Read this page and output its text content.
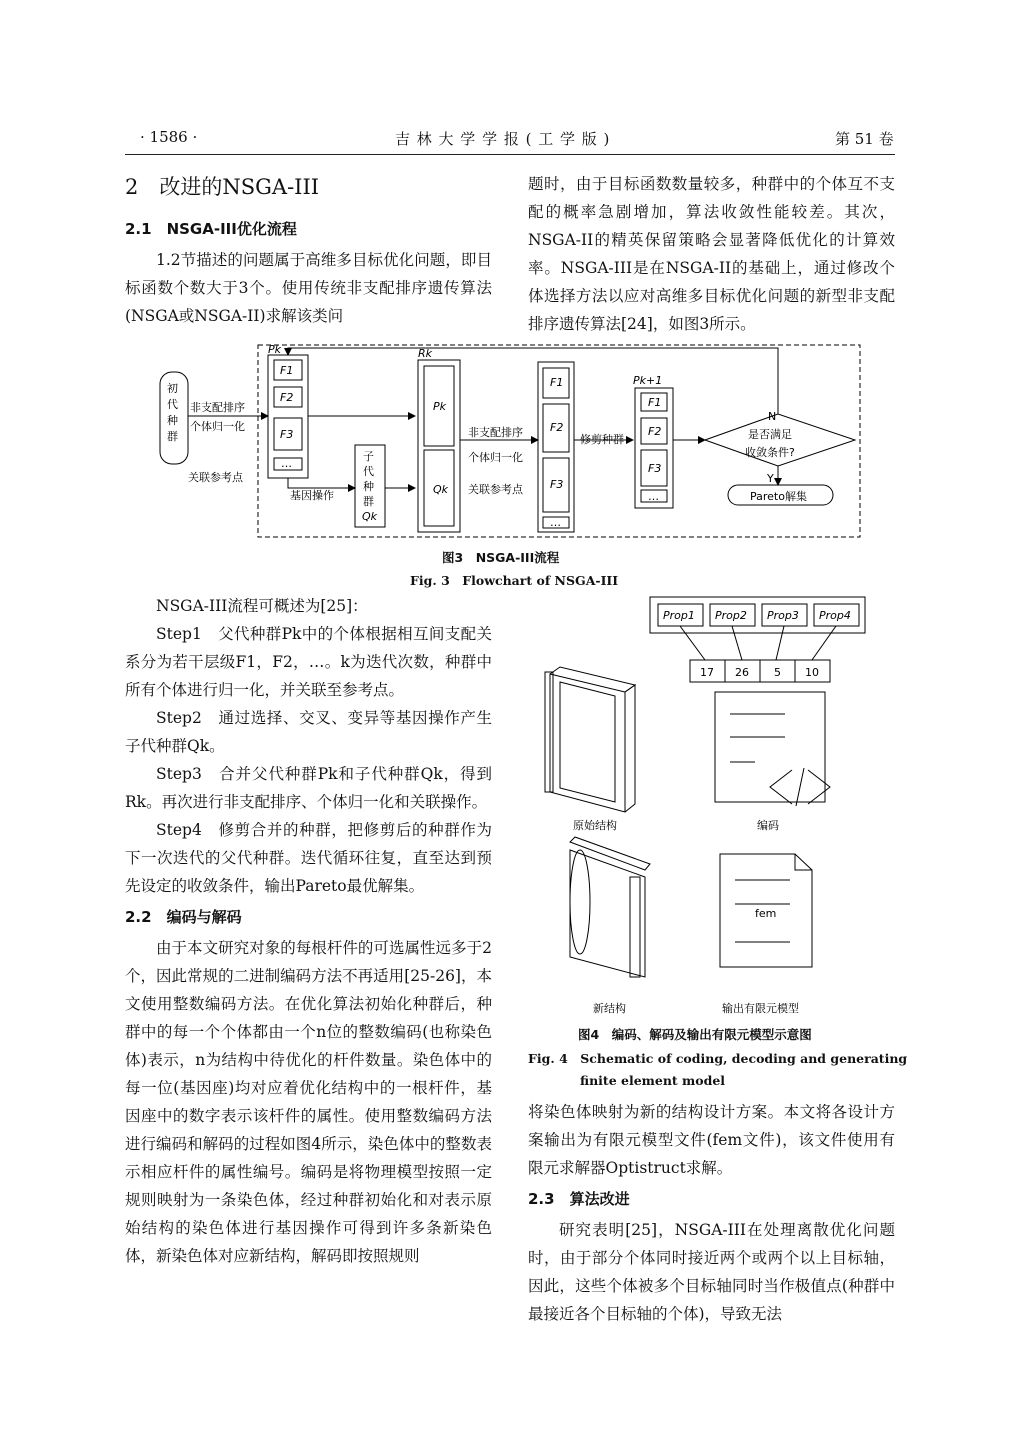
· 1586 ·	吉 林 大 学 学 报 ( 工 学 版 )	第 51 卷
2　改进的NSGA-III
2.1　NSGA-III优化流程

1.2节描述的问题属于高维多目标优化问题，即目标函数个数大于3个。使用传统非支配排序遗传算法(NSGA或NSGA-II)求解该类问

题时，由于目标函数数量较多，种群中的个体互不支配的概率急剧增加，算法收敛性能较差。其次，NSGA-II的精英保留策略会显著降低优化的计算效率。NSGA-III是在NSGA-II的基础上，通过修改个体选择方法以应对高维多目标优化问题的新型非支配排序遗传算法[24]，如图3所示。

初
代
种
群
非支配排序
个体归一化
关联参考点
Pk
F1
F2
F3
…
基因操作
子
代
种
群
Qk
Rk
Pk
Qk
非支配排序
个体归一化
关联参考点
F1
F2
F3
…
修剪种群
Pk+1
F1
F2
F3
…
是否满足
收敛条件?
N
Y
Pareto解集
图3　NSGA-III流程
Fig. 3　Flowchart of NSGA-III

NSGA-III流程可概述为[25]：

Step1　父代种群Pk中的个体根据相互间支配关系分为若干层级F1，F2，…。k为迭代次数，种群中所有个体进行归一化，并关联至参考点。

Step2　通过选择、交叉、变异等基因操作产生子代种群Qk。

Step3　合并父代种群Pk和子代种群Qk，得到Rk。再次进行非支配排序、个体归一化和关联操作。

Step4　修剪合并的种群，把修剪后的种群作为下一次迭代的父代种群。迭代循环往复，直至达到预先设定的收敛条件，输出Pareto最优解集。

2.2　编码与解码

由于本文研究对象的每根杆件的可选属性远多于2个，因此常规的二进制编码方法不再适用[25-26]，本文使用整数编码方法。在优化算法初始化种群后，种群中的每一个个体都由一个n位的整数编码(也称染色体)表示，n为结构中待优化的杆件数量。染色体中的每一位(基因座)均对应着优化结构中的一根杆件，基因座中的数字表示该杆件的属性。使用整数编码方法进行编码和解码的过程如图4所示，染色体中的整数表示相应杆件的属性编号。编码是将物理模型按照一定规则映射为一条染色体，经过种群初始化和对表示原始结构的染色体进行基因操作可得到许多条新染色体，新染色体对应新结构，解码即按照规则

Prop1 Prop2 Prop3 Prop4
17 26 5 10
原始结构	编码
fem
新结构	输出有限元模型
图4　编码、解码及输出有限元模型示意图
Fig. 4　Schematic of coding, decoding and generating
finite element model

将染色体映射为新的结构设计方案。本文将各设计方案输出为有限元模型文件(fem文件)，该文件使用有限元求解器Optistruct求解。

2.3　算法改进

研究表明[25]，NSGA-III在处理离散优化问题时，由于部分个体同时接近两个或两个以上目标轴，因此，这些个体被多个目标轴同时当作极值点(种群中最接近各个目标轴的个体)，导致无法
